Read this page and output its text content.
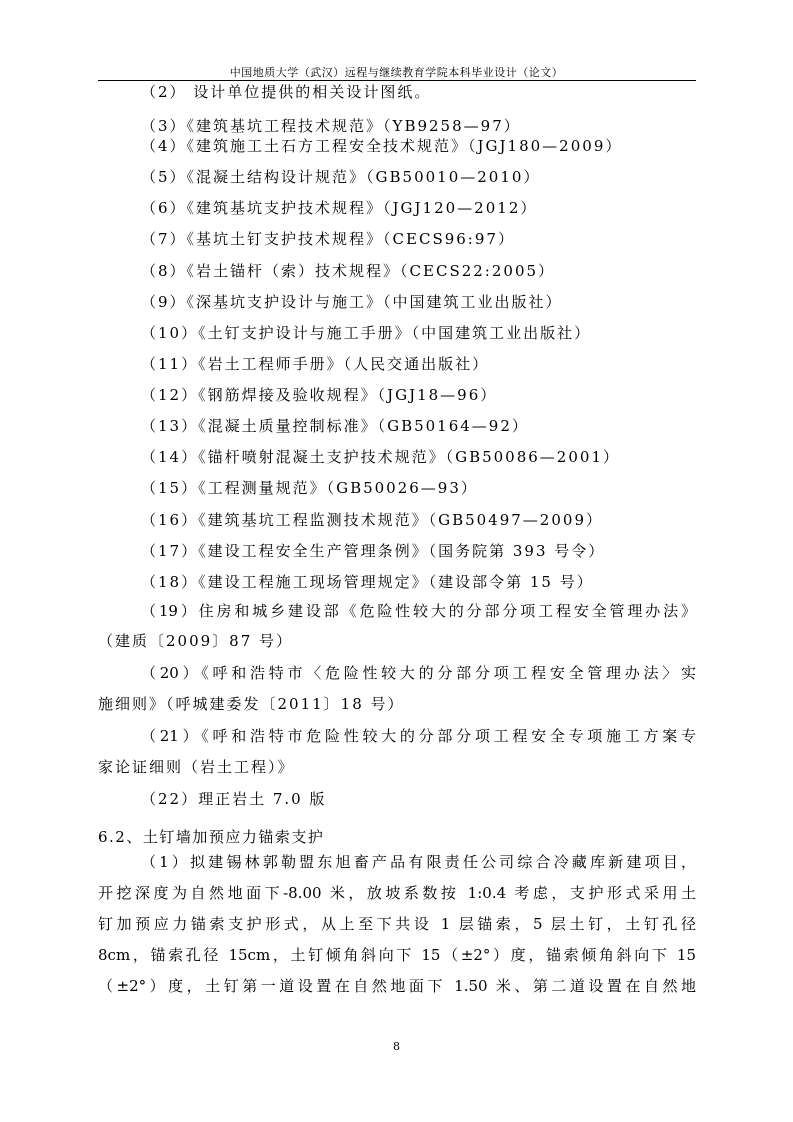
中国地质大学（武汉）远程与继续教育学院本科毕业设计（论文）
（2） 设计单位提供的相关设计图纸。
（3）《建筑基坑工程技术规范》（YB9258—97）
（4）《建筑施工土石方工程安全技术规范》（JGJ180—2009）
（5）《混凝土结构设计规范》（GB50010—2010）
（6）《建筑基坑支护技术规程》（JGJ120—2012）
（7）《基坑土钉支护技术规程》（CECS96:97）
（8）《岩土锚杆（索）技术规程》（CECS22:2005）
（9）《深基坑支护设计与施工》（中国建筑工业出版社）
（10）《土钉支护设计与施工手册》（中国建筑工业出版社）
（11）《岩土工程师手册》（人民交通出版社）
（12）《钢筋焊接及验收规程》（JGJ18—96）
（13）《混凝土质量控制标准》（GB50164—92）
（14）《锚杆喷射混凝土支护技术规范》（GB50086—2001）
（15）《工程测量规范》（GB50026—93）
（16）《建筑基坑工程监测技术规范》（GB50497—2009）
（17）《建设工程安全生产管理条例》（国务院第 393 号令）
（18）《建设工程施工现场管理规定》（建设部令第 15 号）
（19）住房和城乡建设部《危险性较大的分部分项工程安全管理办法》
（建质〔2009〕87 号）
（20）《呼和浩特市〈危险性较大的分部分项工程安全管理办法〉实
施细则》（呼城建委发〔2011〕18 号）
（21）《呼和浩特市危险性较大的分部分项工程安全专项施工方案专
家论证细则（岩土工程）》
（22）理正岩土 7.0 版
6.2、土钉墙加预应力锚索支护
（1）拟建锡林郭勒盟东旭畜产品有限责任公司综合冷藏库新建项目，
开挖深度为自然地面下-8.00 米，放坡系数按 1:0.4 考虑，支护形式采用土
钉加预应力锚索支护形式，从上至下共设 1 层锚索，5 层土钉，土钉孔径
8cm，锚索孔径 15cm，土钉倾角斜向下 15（±2°）度，锚索倾角斜向下 15
（±2°）度，土钉第一道设置在自然地面下 1.50 米、第二道设置在自然地
8
